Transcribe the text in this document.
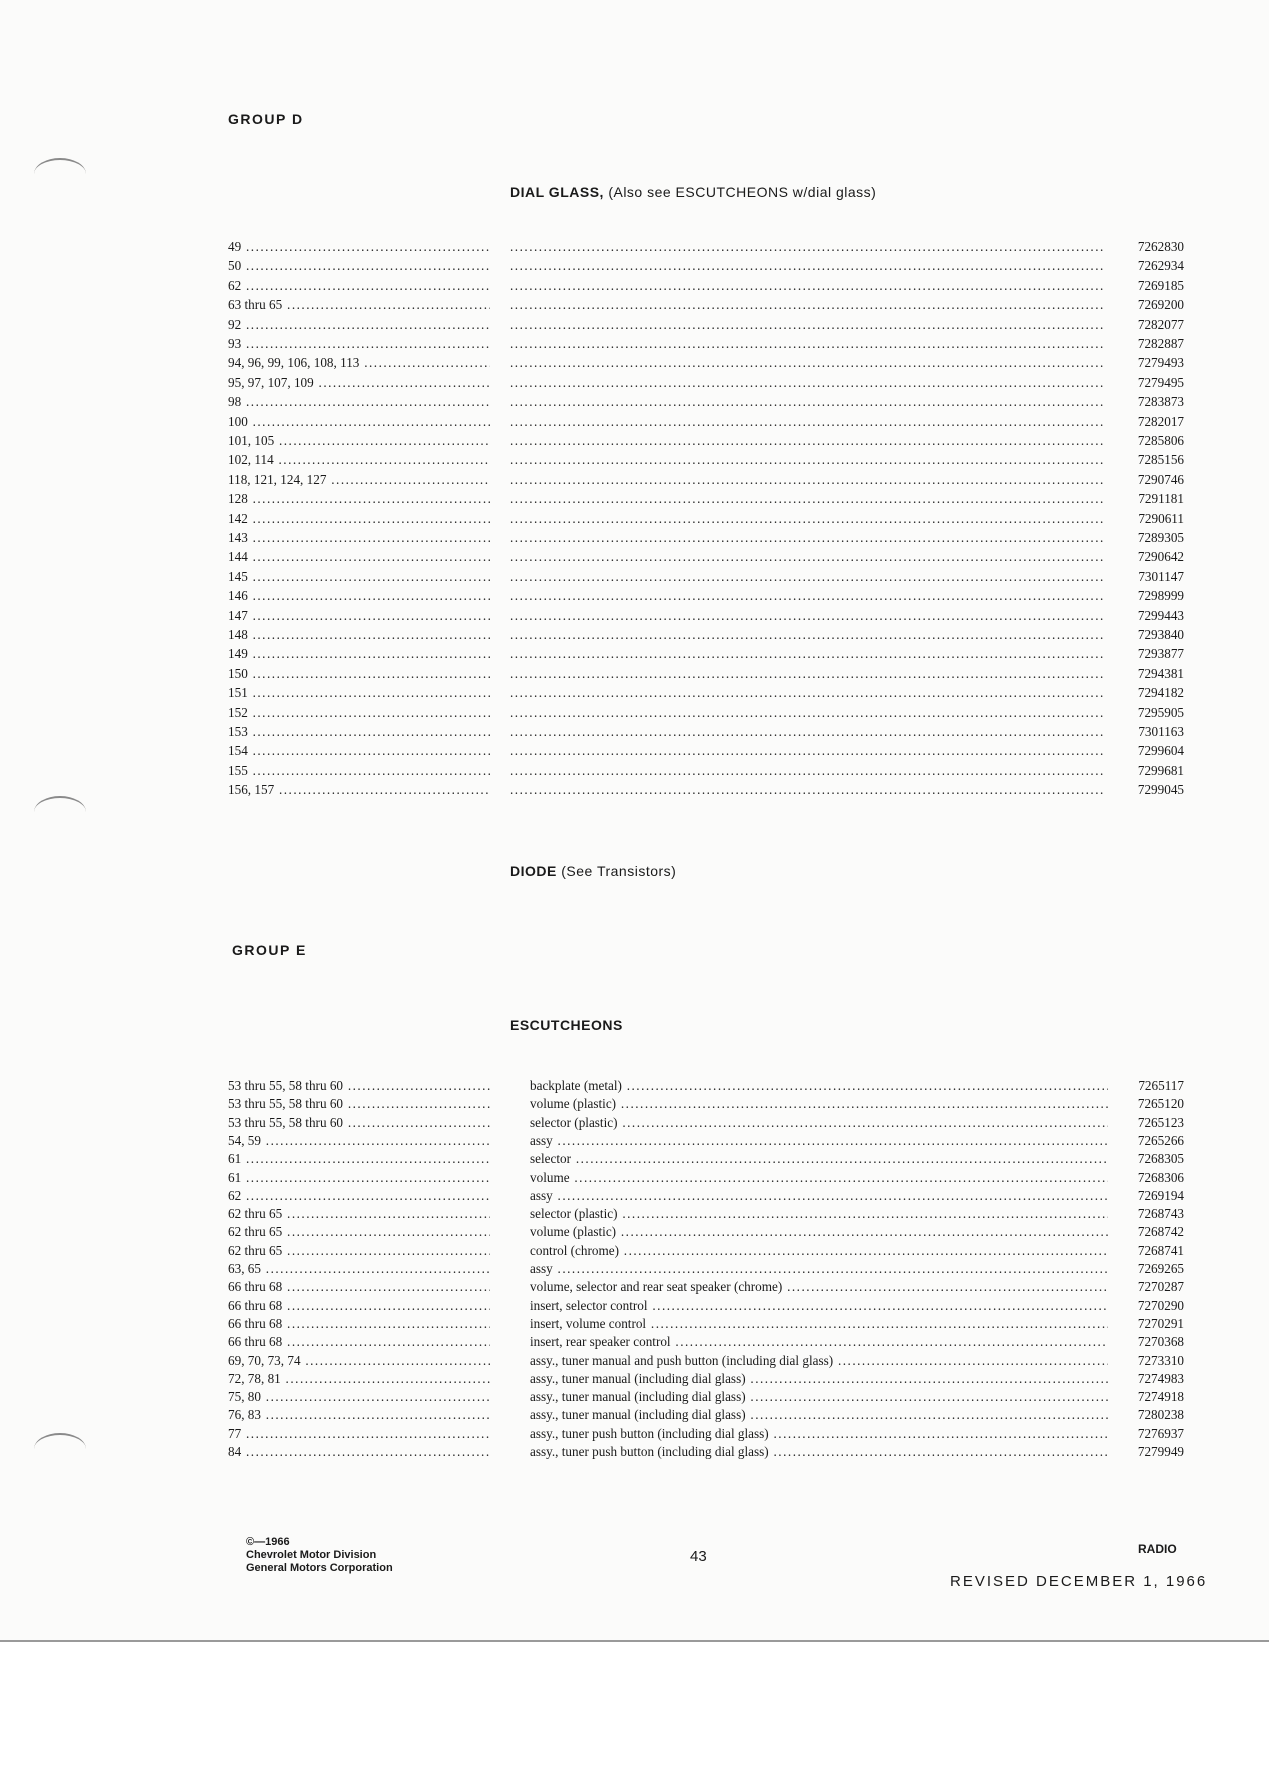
GROUP D
DIAL GLASS, (Also see ESCUTCHEONS w/dial glass)
49 ..... .....	7262830
50 ..... .....	7262934
62 ..... .....	7269185
63 thru 65 ..... .....	7269200
92 ..... .....	7282077
93 ..... .....	7282887
94, 96, 99, 106, 108, 113 ..... .....	7279493
95, 97, 107, 109 ..... .....	7279495
98 ..... .....	7283873
100 ..... .....	7282017
101, 105 ..... .....	7285806
102, 114 ..... .....	7285156
118, 121, 124, 127 ..... .....	7290746
128 ..... .....	7291181
142 ..... .....	7290611
143 ..... .....	7289305
144 ..... .....	7290642
145 ..... .....	7301147
146 ..... .....	7298999
147 ..... .....	7299443
148 ..... .....	7293840
149 ..... .....	7293877
150 ..... .....	7294381
151 ..... .....	7294182
152 ..... .....	7295905
153 ..... .....	7301163
154 ..... .....	7299604
155 ..... .....	7299681
156, 157 ..... .....	7299045
DIODE (See Transistors)
GROUP E
ESCUTCHEONS
53 thru 55, 58 thru 60 .....	backplate (metal) .....	7265117
53 thru 55, 58 thru 60 .....	volume (plastic) .....	7265120
53 thru 55, 58 thru 60 .....	selector (plastic) .....	7265123
54, 59 .....	assy .....	7265266
61 .....	selector .....	7268305
61 .....	volume .....	7268306
62 .....	assy .....	7269194
62 thru 65 .....	selector (plastic) .....	7268743
62 thru 65 .....	volume (plastic) .....	7268742
62 thru 65 .....	control (chrome) .....	7268741
63, 65 .....	assy .....	7269265
66 thru 68 .....	volume, selector and rear seat speaker (chrome) .....	7270287
66 thru 68 .....	insert, selector control .....	7270290
66 thru 68 .....	insert, volume control .....	7270291
66 thru 68 .....	insert, rear speaker control .....	7270368
69, 70, 73, 74 .....	assy., tuner manual and push button (including dial glass) .....	7273310
72, 78, 81 .....	assy., tuner manual (including dial glass) .....	7274983
75, 80 .....	assy., tuner manual (including dial glass) .....	7274918
76, 83 .....	assy., tuner manual (including dial glass) .....	7280238
77 .....	assy., tuner push button (including dial glass) .....	7276937
84 .....	assy., tuner push button (including dial glass) .....	7279949
©—1966
Chevrolet Motor Division
General Motors Corporation
43	RADIO
REVISED DECEMBER 1, 1966
